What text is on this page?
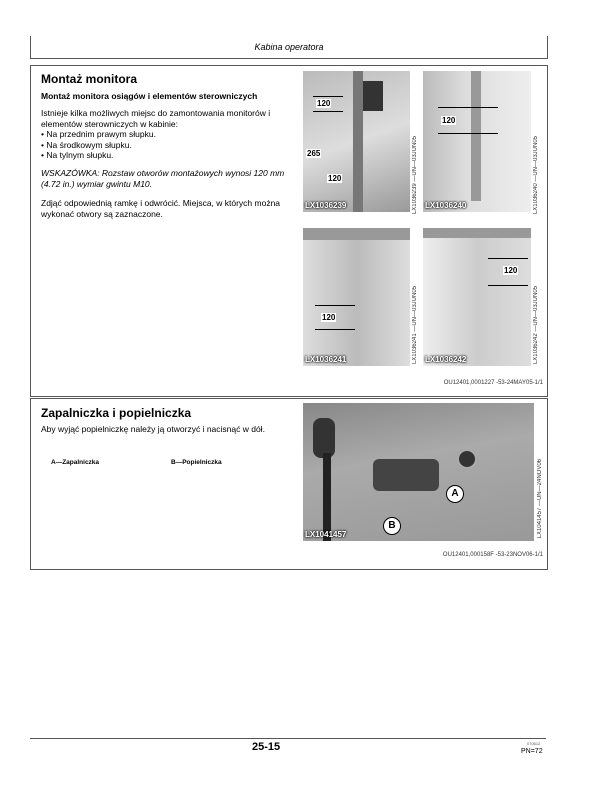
Kabina operatora
Montaż monitora
Montaż monitora osiągów i elementów sterowniczych
Istnieje kilka możliwych miejsc do zamontowania monitorów i elementów sterowniczych w kabinie:
• Na przednim prawym słupku.
• Na środkowym słupku.
• Na tylnym słupku.
WSKAZÓWKA: Rozstaw otworów montażowych wynosi 120 mm (4.72 in.) wymiar gwintu M10.
Zdjąć odpowiednią ramkę i odwrócić. Miejsca, w których można wykonać otwory są zaznaczone.
120
265
120
LX1036239	LX1036239 —UN—03JUN05
120
LX1036240	LX1036240 —UN—03JUN05
120
LX1036241	LX1036241 —UN—03JUN05
120
LX1036242	LX1036242 —UN—03JUN05
OU12401,0001227 -53-24MAY05-1/1
Zapalniczka i popielniczka
Aby wyjąć popielniczkę należy ją otworzyć i nacisnąć w dół.
A—Zapalniczka	B—Popielniczka
A
B
LX1041457	LX1041457 —UN—24NOV06
OU12401,000158F -53-23NOV06-1/1
25-15	070612
PN=72
